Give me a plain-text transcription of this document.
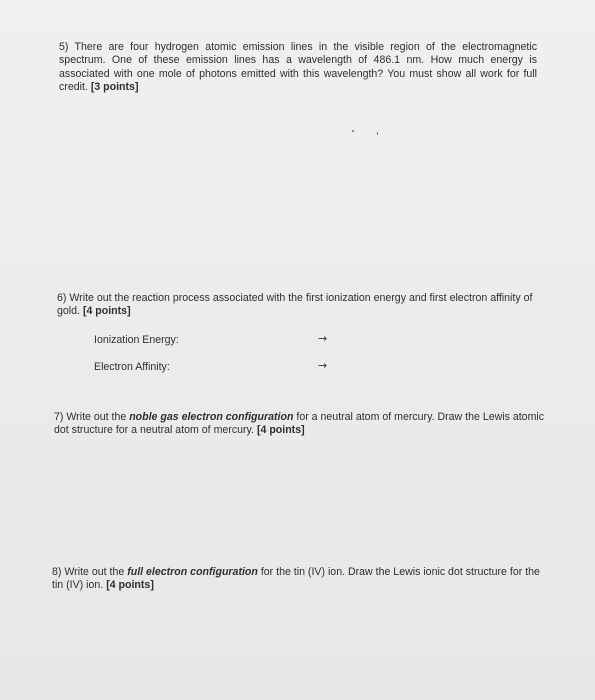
5) There are four hydrogen atomic emission lines in the visible region of the electromagnetic spectrum. One of these emission lines has a wavelength of 486.1 nm. How much energy is associated with one mole of photons emitted with this wavelength? You must show all work for full credit. [3 points]

6) Write out the reaction process associated with the first ionization energy and first electron affinity of gold. [4 points]

Ionization Energy:	→
Electron Affinity:	→

7) Write out the noble gas electron configuration for a neutral atom of mercury. Draw the Lewis atomic dot structure for a neutral atom of mercury. [4 points]

8) Write out the full electron configuration for the tin (IV) ion. Draw the Lewis ionic dot structure for the tin (IV) ion. [4 points]
